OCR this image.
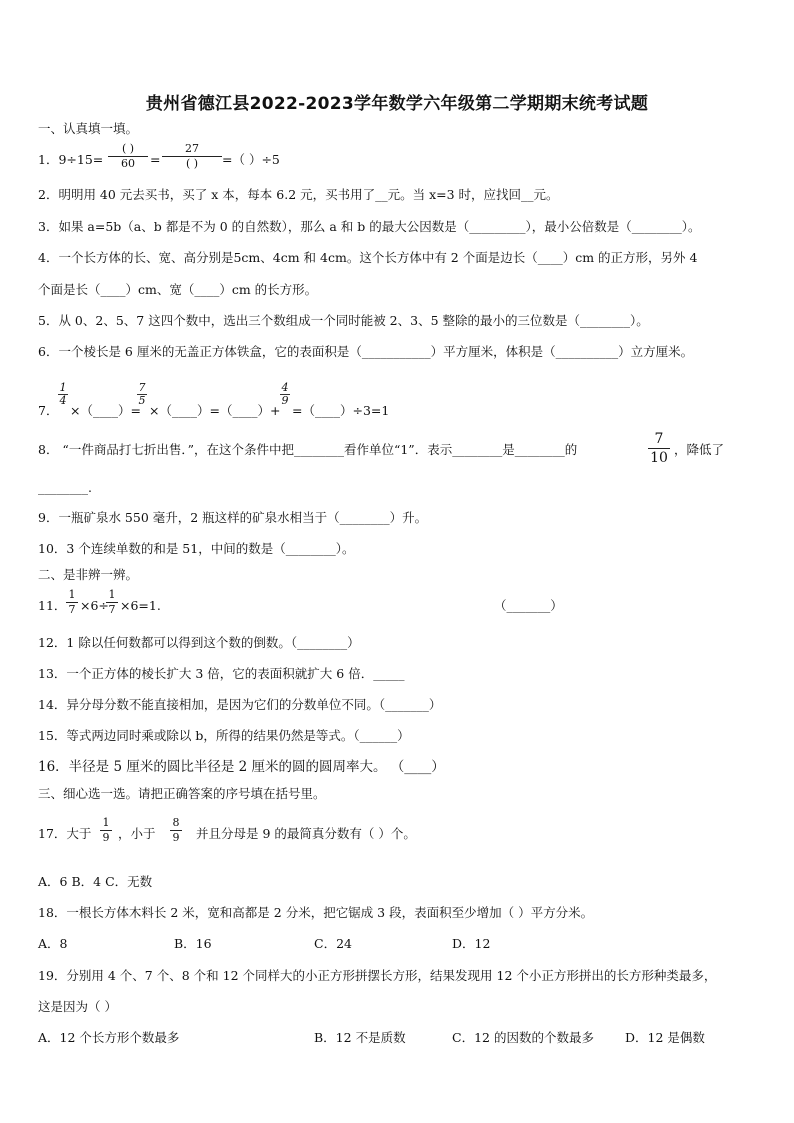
贵州省德江县2022-2023学年数学六年级第二学期期末统考试题
一、认真填一填。
1．9÷15=
( )
60	=
27
( )	=（ ）÷5
2．明明用 40 元去买书，买了 x 本，每本 6.2 元，买书用了__元。当 x=3 时，应找回__元。
3．如果 a=5b（a、b 都是不为 0 的自然数），那么 a 和 b 的最大公因数是（_________），最小公倍数是（________）。
4．一个长方体的长、宽、高分别是5cm、4cm 和 4cm。这个长方体中有 2 个面是边长（____）cm 的正方形，另外 4
个面是长（____）cm、宽（____）cm 的长方形。
5．从 0、2、5、7 这四个数中，选出三个数组成一个同时能被 2、3、5 整除的最小的三位数是（________）。
6．一个棱长是 6 厘米的无盖正方体铁盒，它的表面积是（___________）平方厘米，体积是（__________）立方厘米。
7．
$\frac{1}{4}$
×（____）=
$\frac{7}{5}$
×（____）=（____）+
$\frac{4}{9}$
=（____）÷3=1
8． “一件商品打七折出售．”，在这个条件中把________看作单位“1”．表示________是________的	$\frac{7}{10}$ ，降低了
________.
9．一瓶矿泉水 550 毫升，2 瓶这样的矿泉水相当于（________）升。
10．3 个连续单数的和是 51，中间的数是（________）。
二、是非辨一辨。
11． $\frac{1}{7} \times 6\div$
$\frac{1}{7} \times 6=1$.	（_______）
12．1 除以任何数都可以得到这个数的倒数。（________）
13．一个正方体的棱长扩大 3 倍，它的表面积就扩大 6 倍．_____
14．异分母分数不能直接相加，是因为它们的分数单位不同。（_______）
15．等式两边同时乘或除以 b，所得的结果仍然是等式。（______）
16．半径是 5 厘米的圆比半径是 2 厘米的圆的圆周率大。 （____）
三、细心选一选。请把正确答案的序号填在括号里。
17．大于 $\frac{1}{9}$ ，小于 $\frac{8}{9}$ 并且分母是 9 的最简真分数有（ ）个。
A．6 B．4 C．无数
18．一根长方体木料长 2 米，宽和高都是 2 分米，把它锯成 3 段，表面积至少增加（ ）平方分米。
A．8	B．16	C．24	D．12
19．分别用 4 个、7 个、8 个和 12 个同样大的小正方形拼摆长方形，结果发现用 12 个小正方形拼出的长方形种类最多，
这是因为（ ）
A．12 个长方形个数最多	B．12 不是质数	C．12 的因数的个数最多 D．12 是偶数
